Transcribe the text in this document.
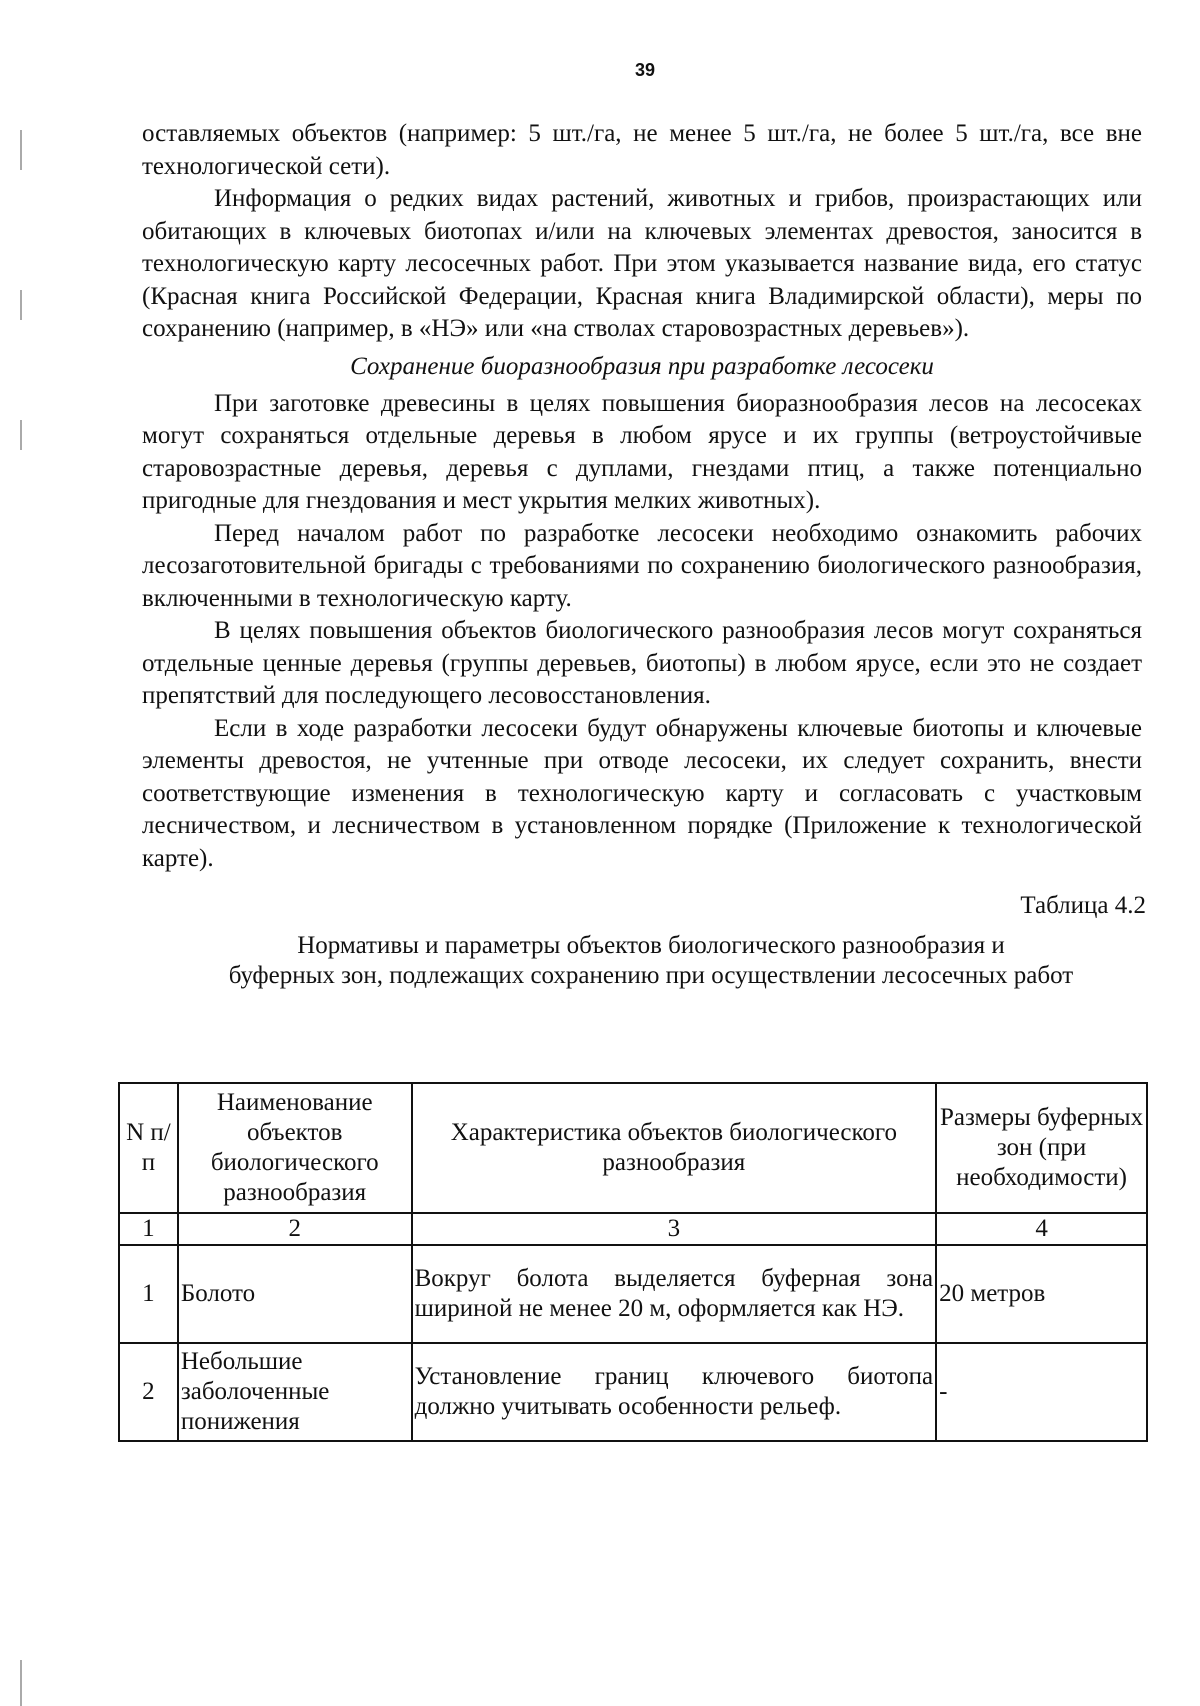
39

оставляемых объектов (например: 5 шт./га, не менее 5 шт./га, не более 5 шт./га, все вне технологической сети).

Информация о редких видах растений, животных и грибов, произрастающих или обитающих в ключевых биотопах и/или на ключевых элементах древостоя, заносится в технологическую карту лесосечных работ. При этом указывается название вида, его статус (Красная книга Российской Федерации, Красная книга Владимирской области), меры по сохранению (например, в «НЭ» или «на стволах старовозрастных деревьев»).

Сохранение биоразнообразия при разработке лесосеки

При заготовке древесины в целях повышения биоразнообразия лесов на лесосеках могут сохраняться отдельные деревья в любом ярусе и их группы (ветроустойчивые старовозрастные деревья, деревья с дуплами, гнездами птиц, а также потенциально пригодные для гнездования и мест укрытия мелких животных).

Перед началом работ по разработке лесосеки необходимо ознакомить рабочих лесозаготовительной бригады с требованиями по сохранению биологического разнообразия, включенными в технологическую карту.

В целях повышения объектов биологического разнообразия лесов могут сохраняться отдельные ценные деревья (группы деревьев, биотопы) в любом ярусе, если это не создает препятствий для последующего лесовосстановления.

Если в ходе разработки лесосеки будут обнаружены ключевые биотопы и ключевые элементы древостоя, не учтенные при отводе лесосеки, их следует сохранить, внести соответствующие изменения в технологическую карту и согласовать с участковым лесничеством, и лесничеством в установленном порядке (Приложение к технологической карте).

Таблица 4.2
Нормативы и параметры объектов биологического разнообразия и
буферных зон, подлежащих сохранению при осуществлении лесосечных работ
N п/п	Наименование объектов биологического разнообразия	Характеристика объектов биологического разнообразия	Размеры буферных зон (при необходимости)
1	2	3	4
1	Болото	Вокруг болота выделяется буферная зона шириной не менее 20 м, оформляется как НЭ.	20 метров
2	Небольшие заболоченные понижения	Установление границ ключевого биотопа должно учитывать особенности рельеф.	-
